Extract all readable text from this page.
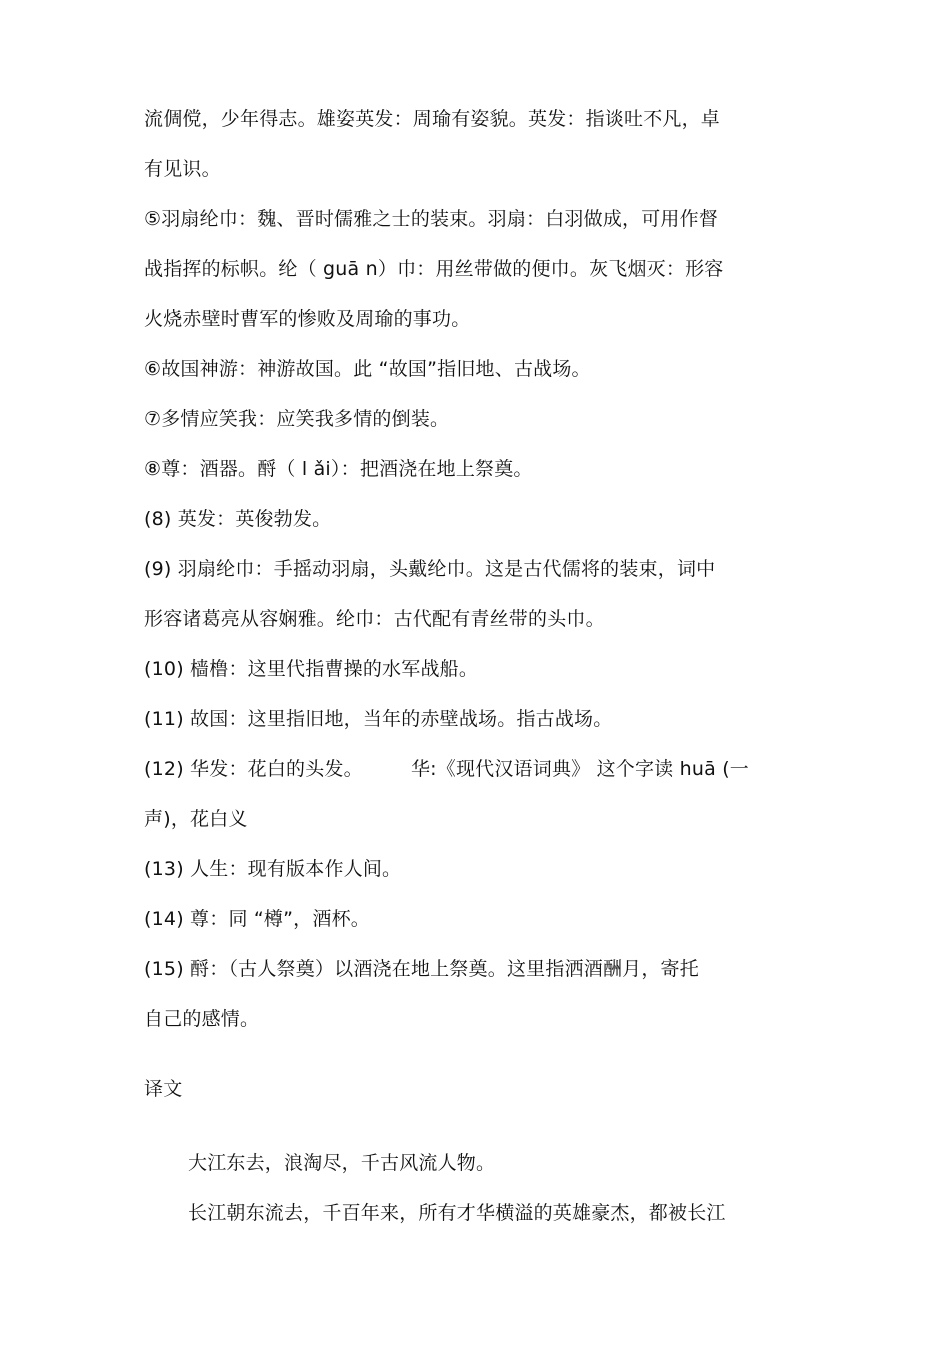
流倜傥，少年得志。雄姿英发：周瑜有姿貌。英发：指谈吐不凡，卓
有见识。
⑤羽扇纶巾：魏、晋时儒雅之士的装束。羽扇：白羽做成，可用作督
战指挥的标帜。纶（ guā n）巾：用丝带做的便巾。灰飞烟灭：形容
火烧赤壁时曹军的惨败及周瑜的事功。
⑥故国神游：神游故国。此 “故国”指旧地、古战场。
⑦多情应笑我：应笑我多情的倒装。
⑧尊：酒器。酹（ l ǎi）：把酒浇在地上祭奠。
(8) 英发：英俊勃发。
(9) 羽扇纶巾：手摇动羽扇，头戴纶巾。这是古代儒将的装束，词中
形容诸葛亮从容娴雅。纶巾：古代配有青丝带的头巾。
(10) 樯橹：这里代指曹操的水军战船。
(11) 故国：这里指旧地，当年的赤壁战场。指古战场。
(12) 华发：花白的头发。　　　华:《现代汉语词典》 这个字读 huā (一
声)，花白义
(13) 人生：现有版本作人间。
(14) 尊：同 “樽”，酒杯。
(15) 酹：（古人祭奠）以酒浇在地上祭奠。这里指洒酒酬月，寄托
自己的感情。
译文
大江东去，浪淘尽，千古风流人物。
长江朝东流去，千百年来，所有才华横溢的英雄豪杰，都被长江
